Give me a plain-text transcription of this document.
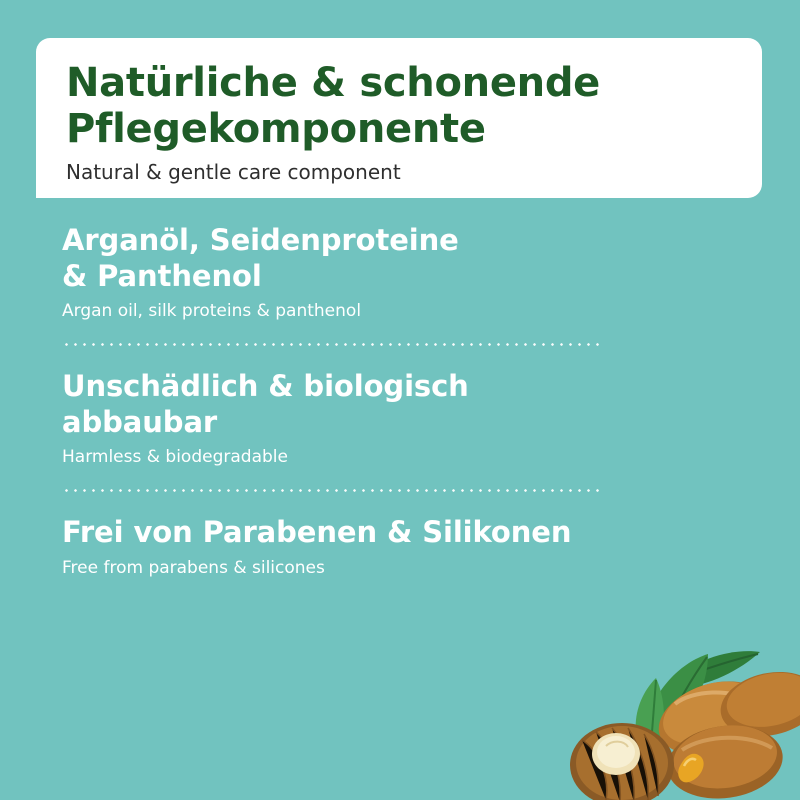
Natürliche & schonende
Pflegekomponente
Natural & gentle care component
Arganöl, Seidenproteine
& Panthenol
Argan oil, silk proteins & panthenol
Unschädlich & biologisch
abbaubar
Harmless & biodegradable
Frei von Parabenen & Silikonen
Free from parabens & silicones
